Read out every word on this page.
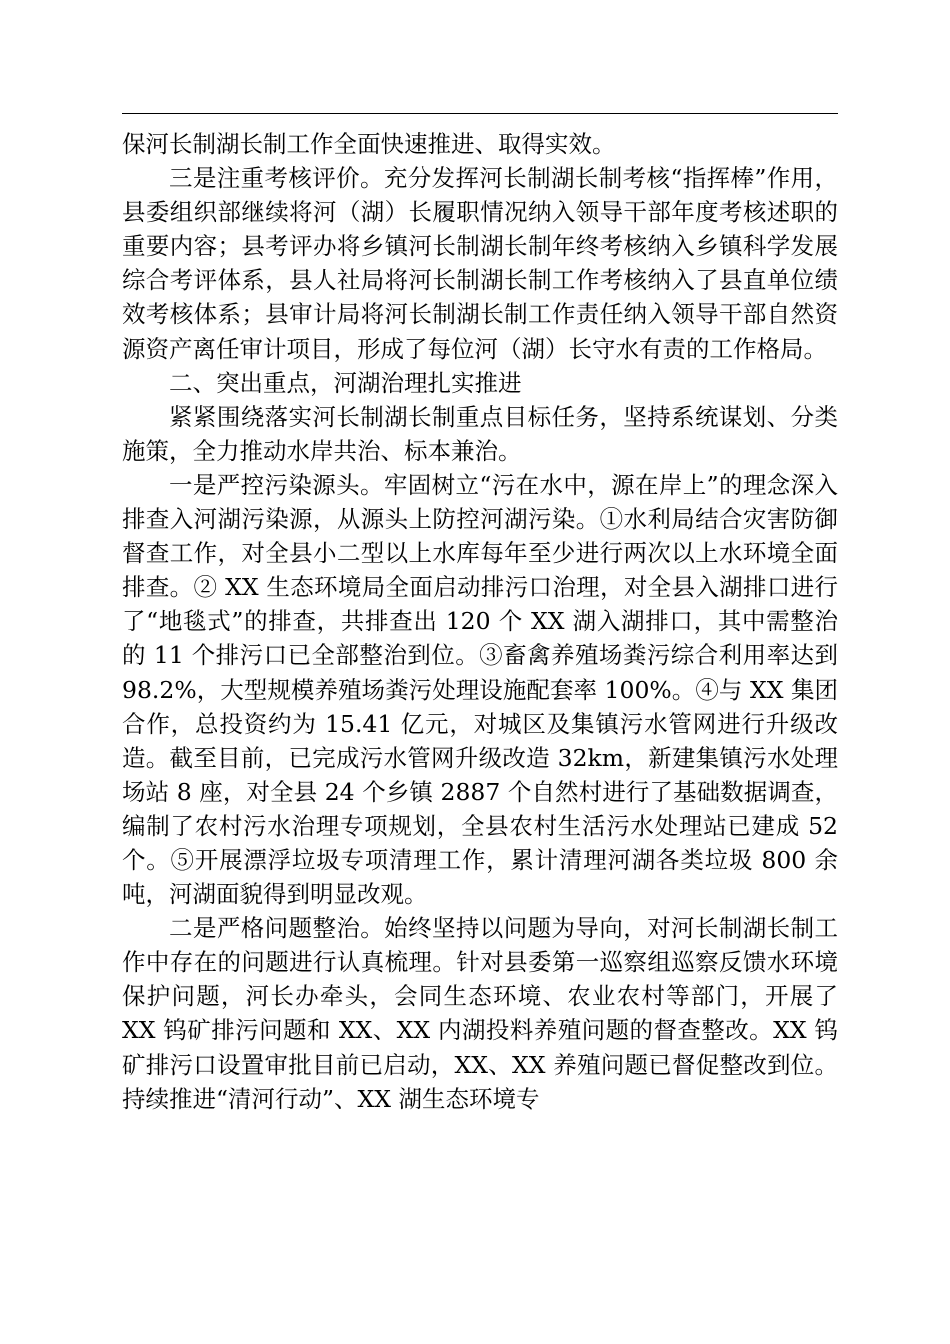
保河长制湖长制工作全面快速推进、取得实效。

三是注重考核评价。充分发挥河长制湖长制考核“指挥棒”作用，县委组织部继续将河（湖）长履职情况纳入领导干部年度考核述职的重要内容；县考评办将乡镇河长制湖长制年终考核纳入乡镇科学发展综合考评体系，县人社局将河长制湖长制工作考核纳入了县直单位绩效考核体系；县审计局将河长制湖长制工作责任纳入领导干部自然资源资产离任审计项目，形成了每位河（湖）长守水有责的工作格局。

二、突出重点，河湖治理扎实推进

紧紧围绕落实河长制湖长制重点目标任务，坚持系统谋划、分类施策，全力推动水岸共治、标本兼治。

一是严控污染源头。牢固树立“污在水中，源在岸上”的理念深入排查入河湖污染源，从源头上防控河湖污染。①水利局结合灾害防御督查工作，对全县小二型以上水库每年至少进行两次以上水环境全面排查。② XX 生态环境局全面启动排污口治理，对全县入湖排口进行了“地毯式”的排查，共排查出 120 个 XX 湖入湖排口，其中需整治的 11 个排污口已全部整治到位。③畜禽养殖场粪污综合利用率达到 98.2%，大型规模养殖场粪污处理设施配套率 100%。④与 XX 集团合作，总投资约为 15.41 亿元，对城区及集镇污水管网进行升级改造。截至目前，已完成污水管网升级改造 32km，新建集镇污水处理场站 8 座，对全县 24 个乡镇 2887 个自然村进行了基础数据调查，编制了农村污水治理专项规划，全县农村生活污水处理站已建成 52 个。⑤开展漂浮垃圾专项清理工作，累计清理河湖各类垃圾 800 余吨，河湖面貌得到明显改观。

二是严格问题整治。始终坚持以问题为导向，对河长制湖长制工作中存在的问题进行认真梳理。针对县委第一巡察组巡察反馈水环境保护问题，河长办牵头，会同生态环境、农业农村等部门，开展了 XX 钨矿排污问题和 XX、XX 内湖投料养殖问题的督查整改。XX 钨矿排污口设置审批目前已启动，XX、XX 养殖问题已督促整改到位。持续推进“清河行动”、XX 湖生态环境专
